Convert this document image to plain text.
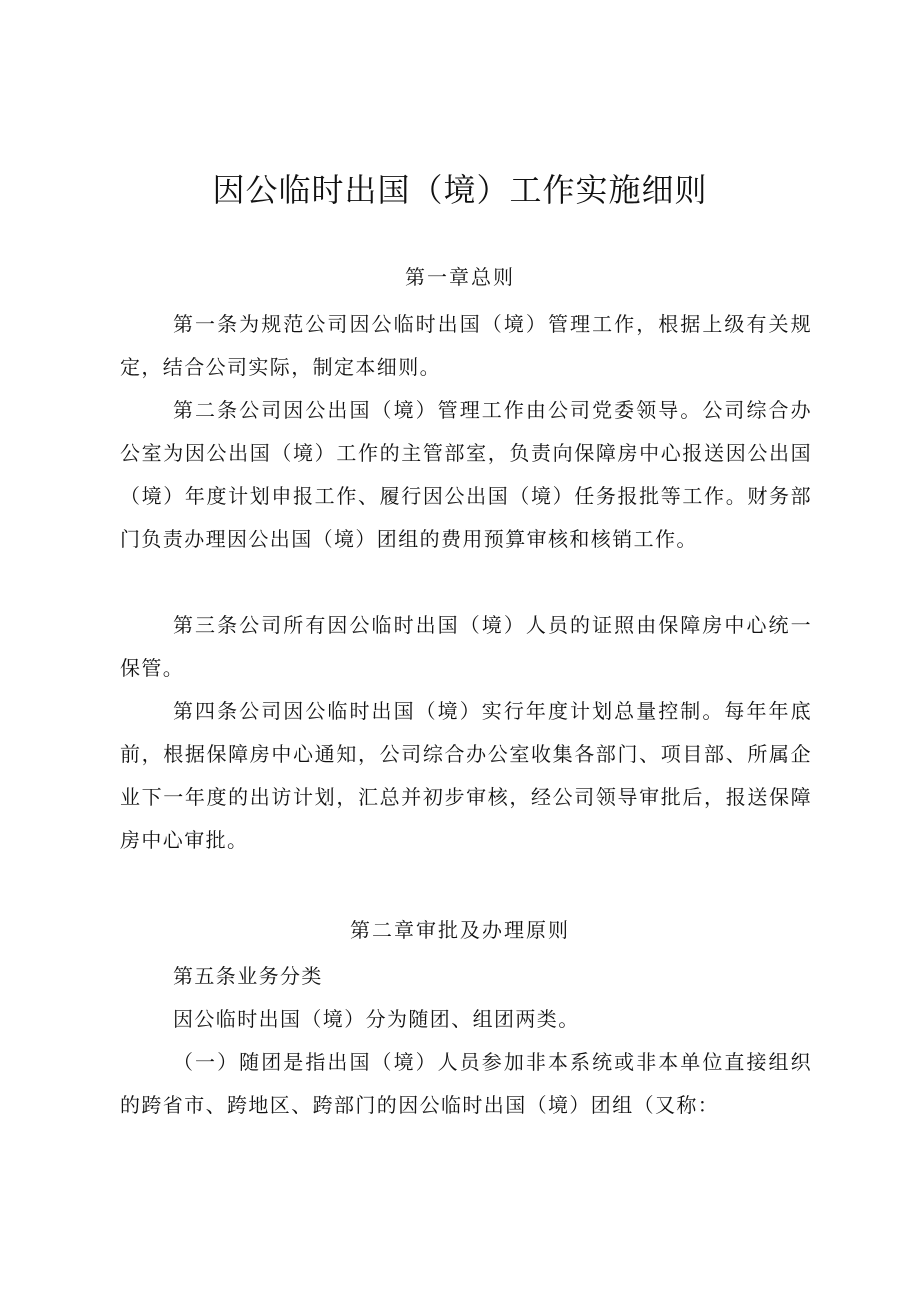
因公临时出国（境）工作实施细则
第一章总则

第一条为规范公司因公临时出国（境）管理工作，根据上级有关规定，结合公司实际，制定本细则。

第二条公司因公出国（境）管理工作由公司党委领导。公司综合办公室为因公出国（境）工作的主管部室，负责向保障房中心报送因公出国（境）年度计划申报工作、履行因公出国（境）任务报批等工作。财务部门负责办理因公出国（境）团组的费用预算审核和核销工作。

第三条公司所有因公临时出国（境）人员的证照由保障房中心统一保管。

第四条公司因公临时出国（境）实行年度计划总量控制。每年年底前，根据保障房中心通知，公司综合办公室收集各部门、项目部、所属企业下一年度的出访计划，汇总并初步审核，经公司领导审批后，报送保障房中心审批。

第二章审批及办理原则

第五条业务分类

因公临时出国（境）分为随团、组团两类。

（一）随团是指出国（境）人员参加非本系统或非本单位直接组织的跨省市、跨地区、跨部门的因公临时出国（境）团组（又称：
